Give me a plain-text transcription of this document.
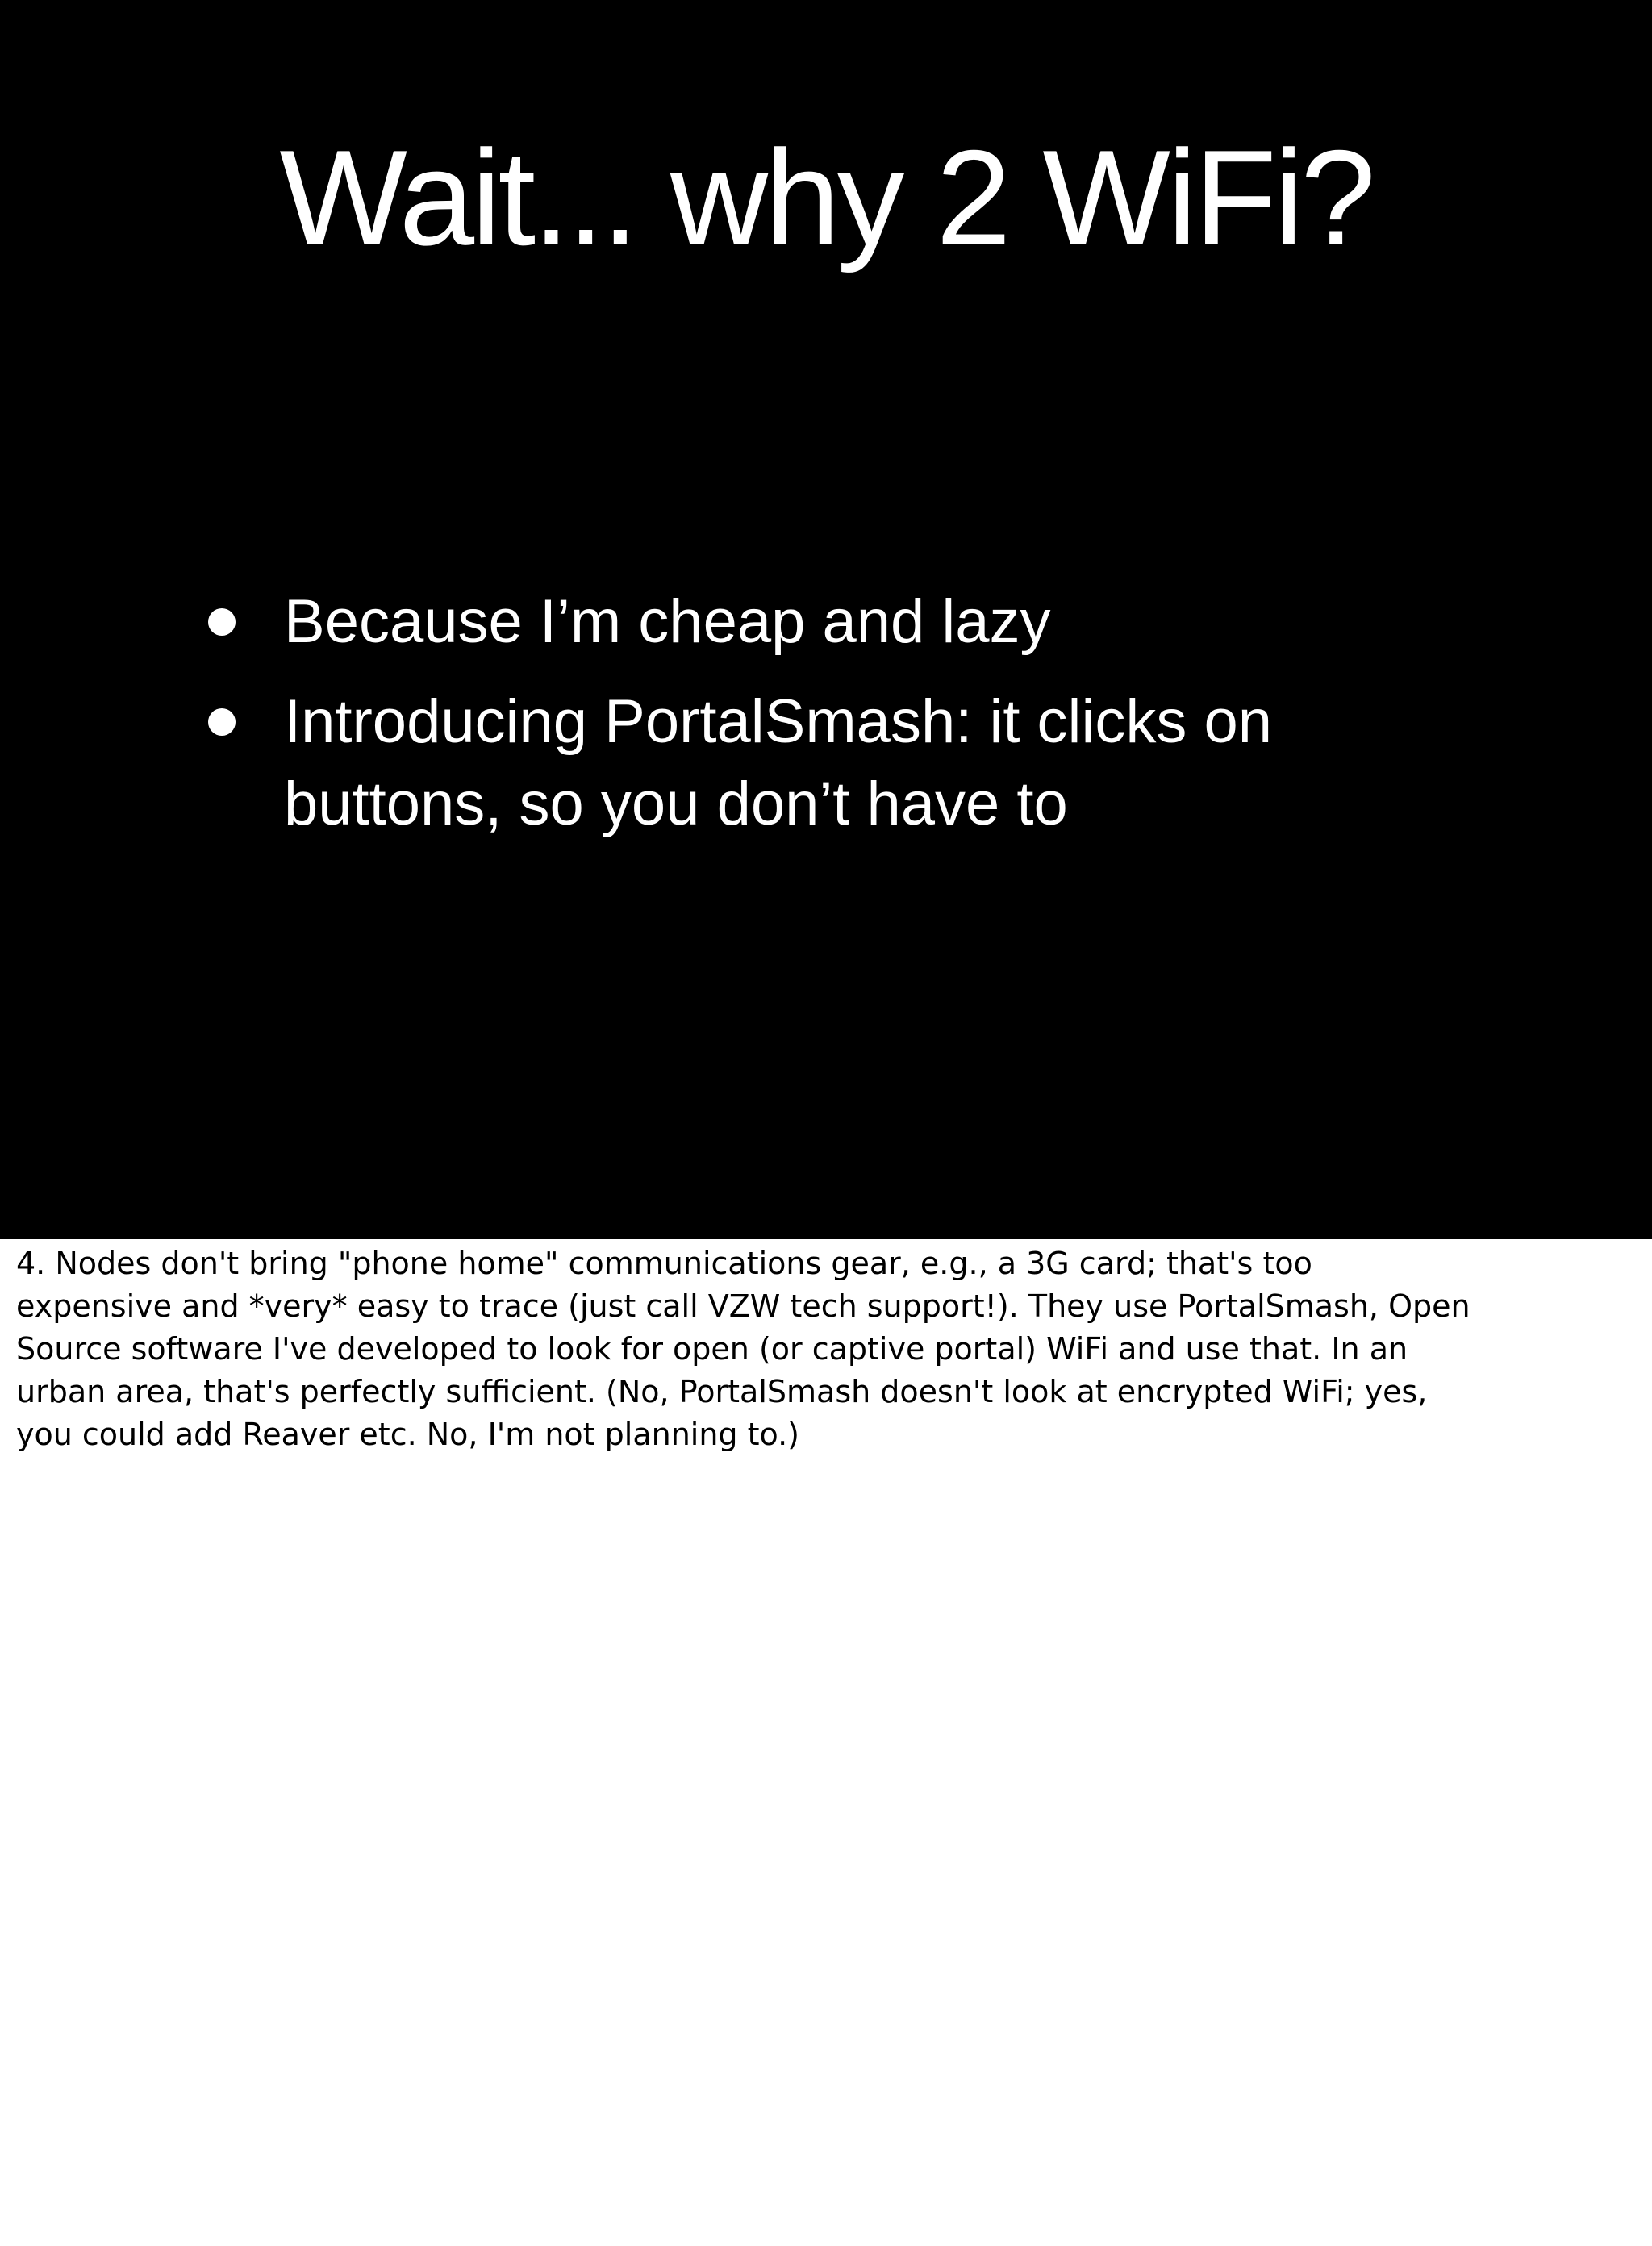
Wait... why 2 WiFi?
Because I’m cheap and lazy
Introducing PortalSmash: it clicks on buttons, so you don’t have to
4. Nodes don't bring "phone home" communications gear, e.g., a 3G card; that's too
expensive and *very* easy to trace (just call VZW tech support!). They use PortalSmash, Open
Source software I've developed to look for open (or captive portal) WiFi and use that. In an
urban area, that's perfectly sufficient. (No, PortalSmash doesn't look at encrypted WiFi; yes,
you could add Reaver etc. No, I'm not planning to.)
